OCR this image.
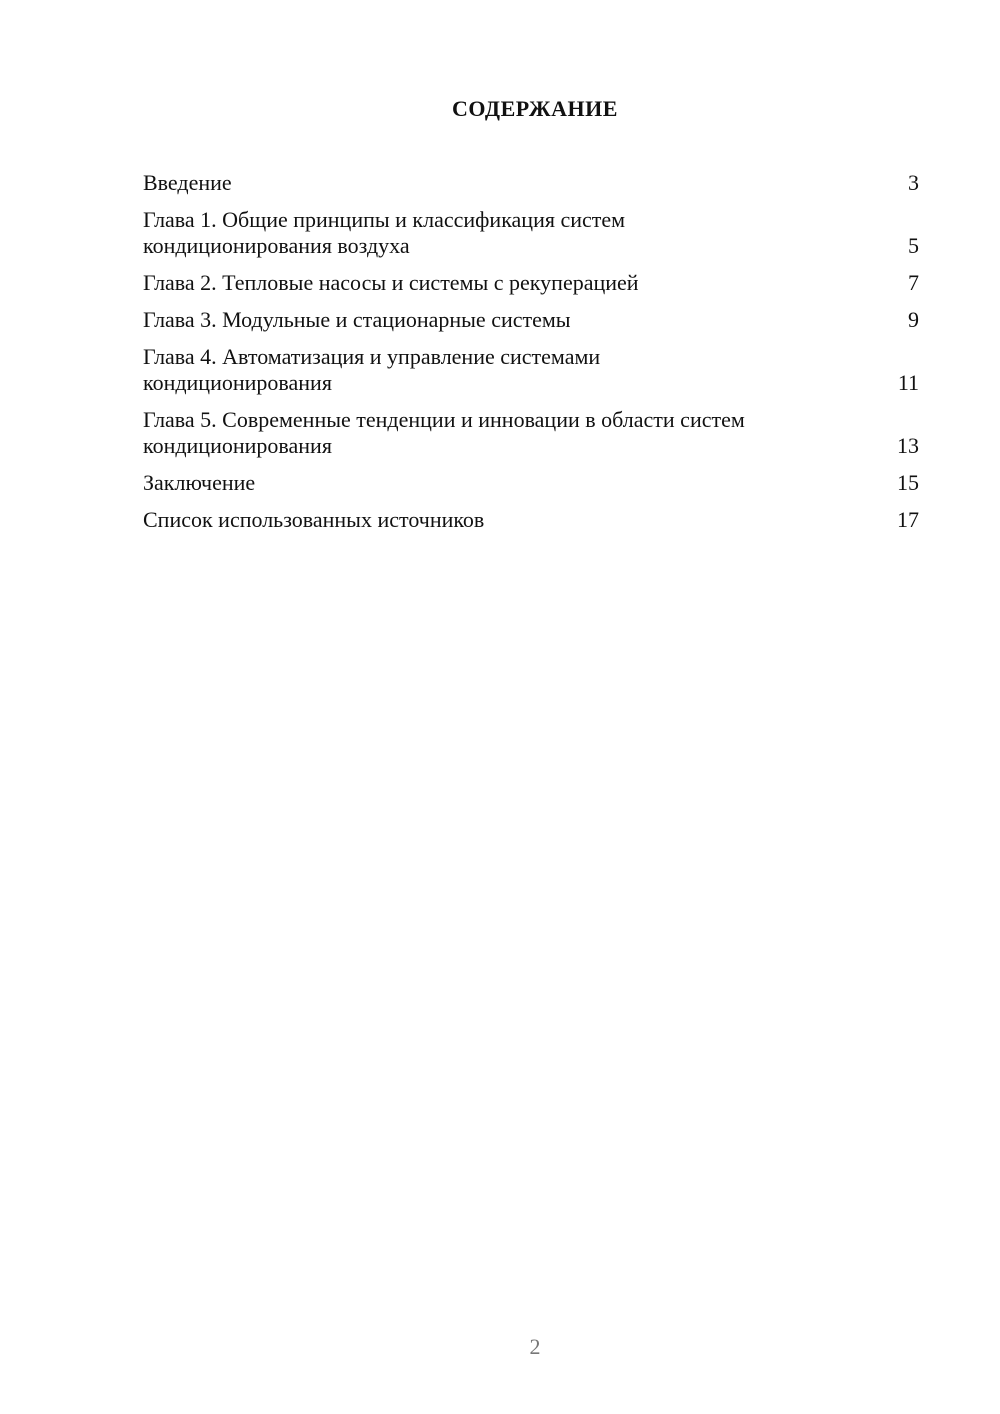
СОДЕРЖАНИЕ
Введение	3
Глава 1. Общие принципы и классификация систем
кондиционирования воздуха	5
Глава 2. Тепловые насосы и системы с рекуперацией	7
Глава 3. Модульные и стационарные системы	9
Глава 4. Автоматизация и управление системами
кондиционирования	11
Глава 5. Современные тенденции и инновации в области систем
кондиционирования	13
Заключение	15
Список использованных источников	17

2
